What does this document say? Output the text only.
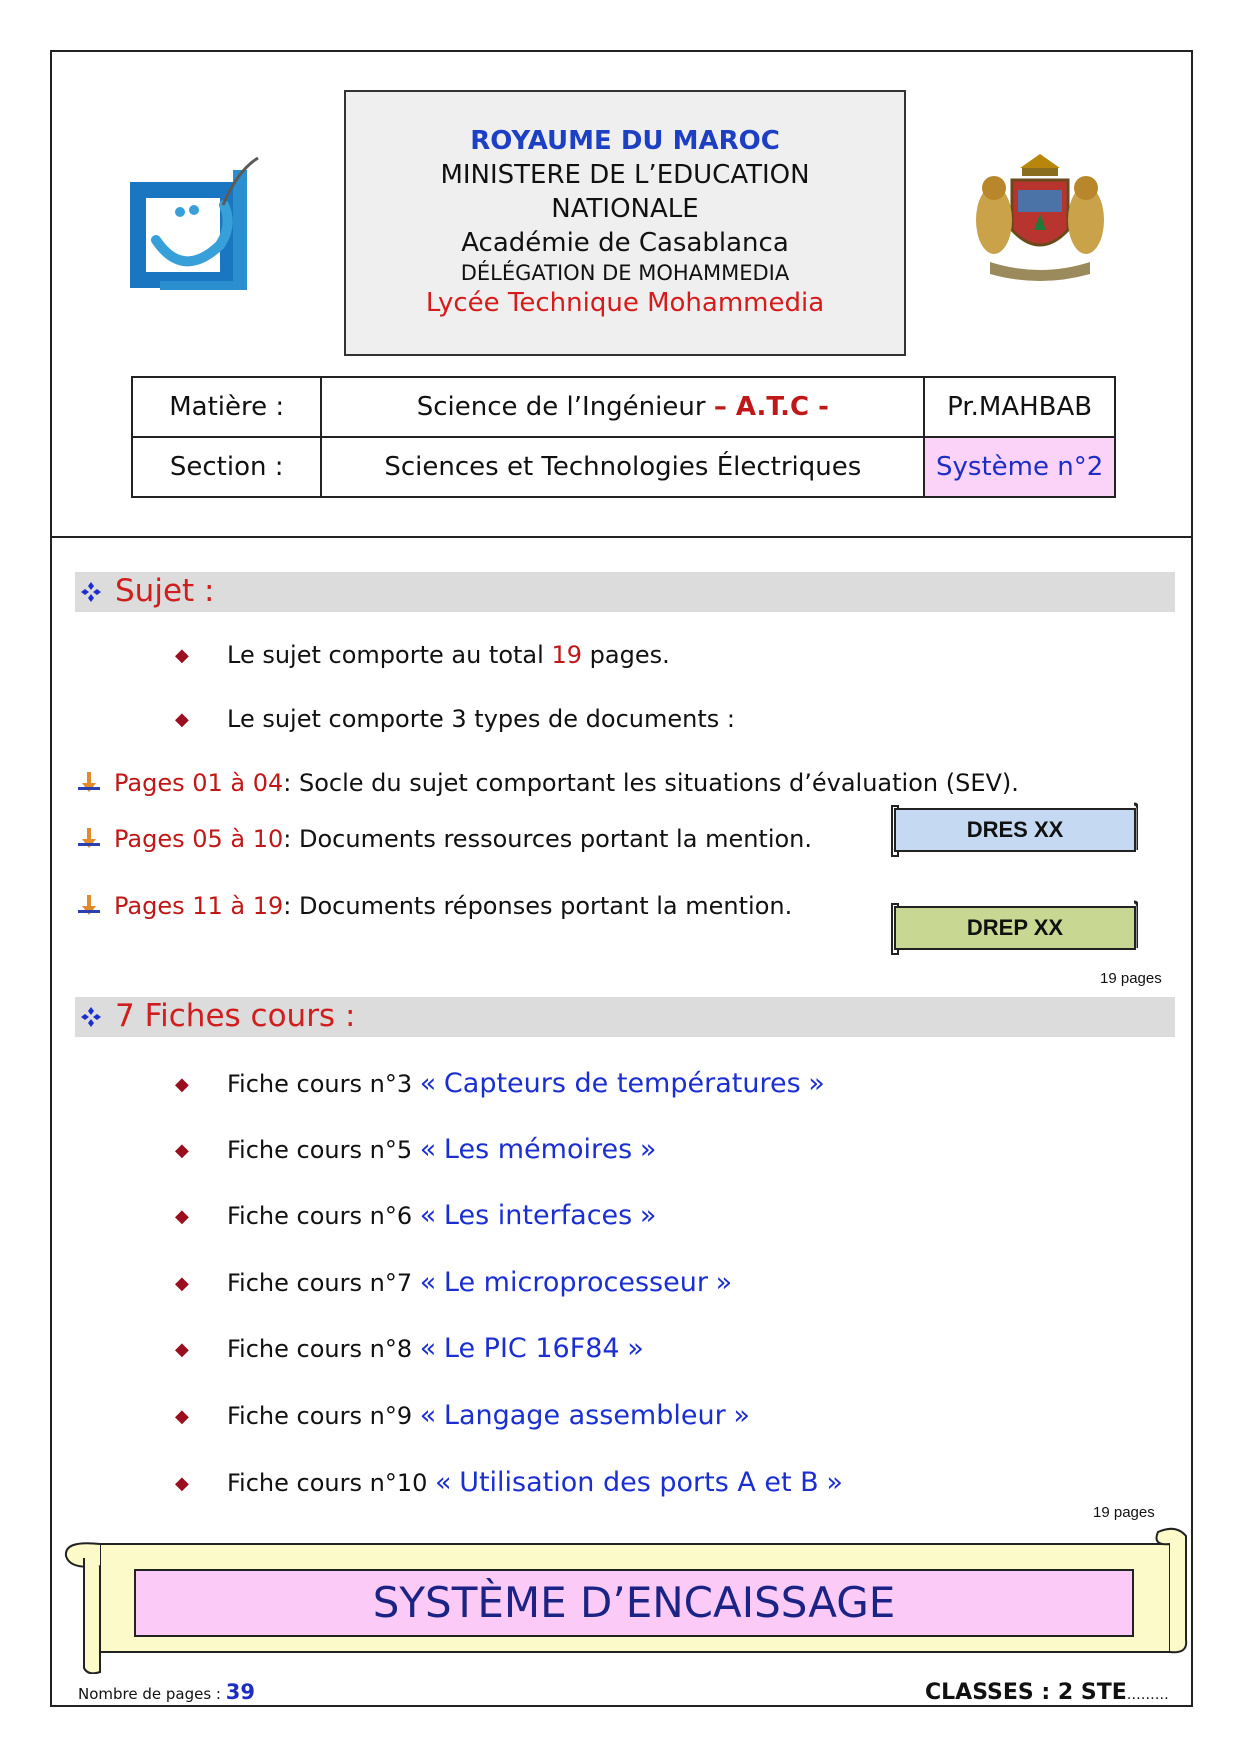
ROYAUME DU MAROC
MINISTERE DE L’EDUCATION
NATIONALE
Académie de Casablanca
DÉLÉGATION DE MOHAMMEDIA
Lycée Technique Mohammedia
Matière :	Science de l’Ingénieur – A.T.C -	Pr.MAHBAB
Section :	Sciences et Technologies Électriques	Système n°2
Sujet :
◆ Le sujet comporte au total 19 pages.
◆ Le sujet comporte 3 types de documents :
Pages 01 à 04: Socle du sujet comportant les situations d’évaluation (SEV).
Pages 05 à 10: Documents ressources portant la mention.
Pages 11 à 19: Documents réponses portant la mention.
DRES XX
DREP XX
19 pages
7 Fiches cours :
◆ Fiche cours n°3 « Capteurs de températures »
◆ Fiche cours n°5 « Les mémoires »
◆ Fiche cours n°6 « Les interfaces »
◆ Fiche cours n°7 « Le microprocesseur »
◆ Fiche cours n°8 « Le PIC 16F84 »
◆ Fiche cours n°9 « Langage assembleur »
◆ Fiche cours n°10 « Utilisation des ports A et B »
19 pages
SYSTÈME D’ENCAISSAGE
Nombre de pages : 39	CLASSES : 2 STE………
